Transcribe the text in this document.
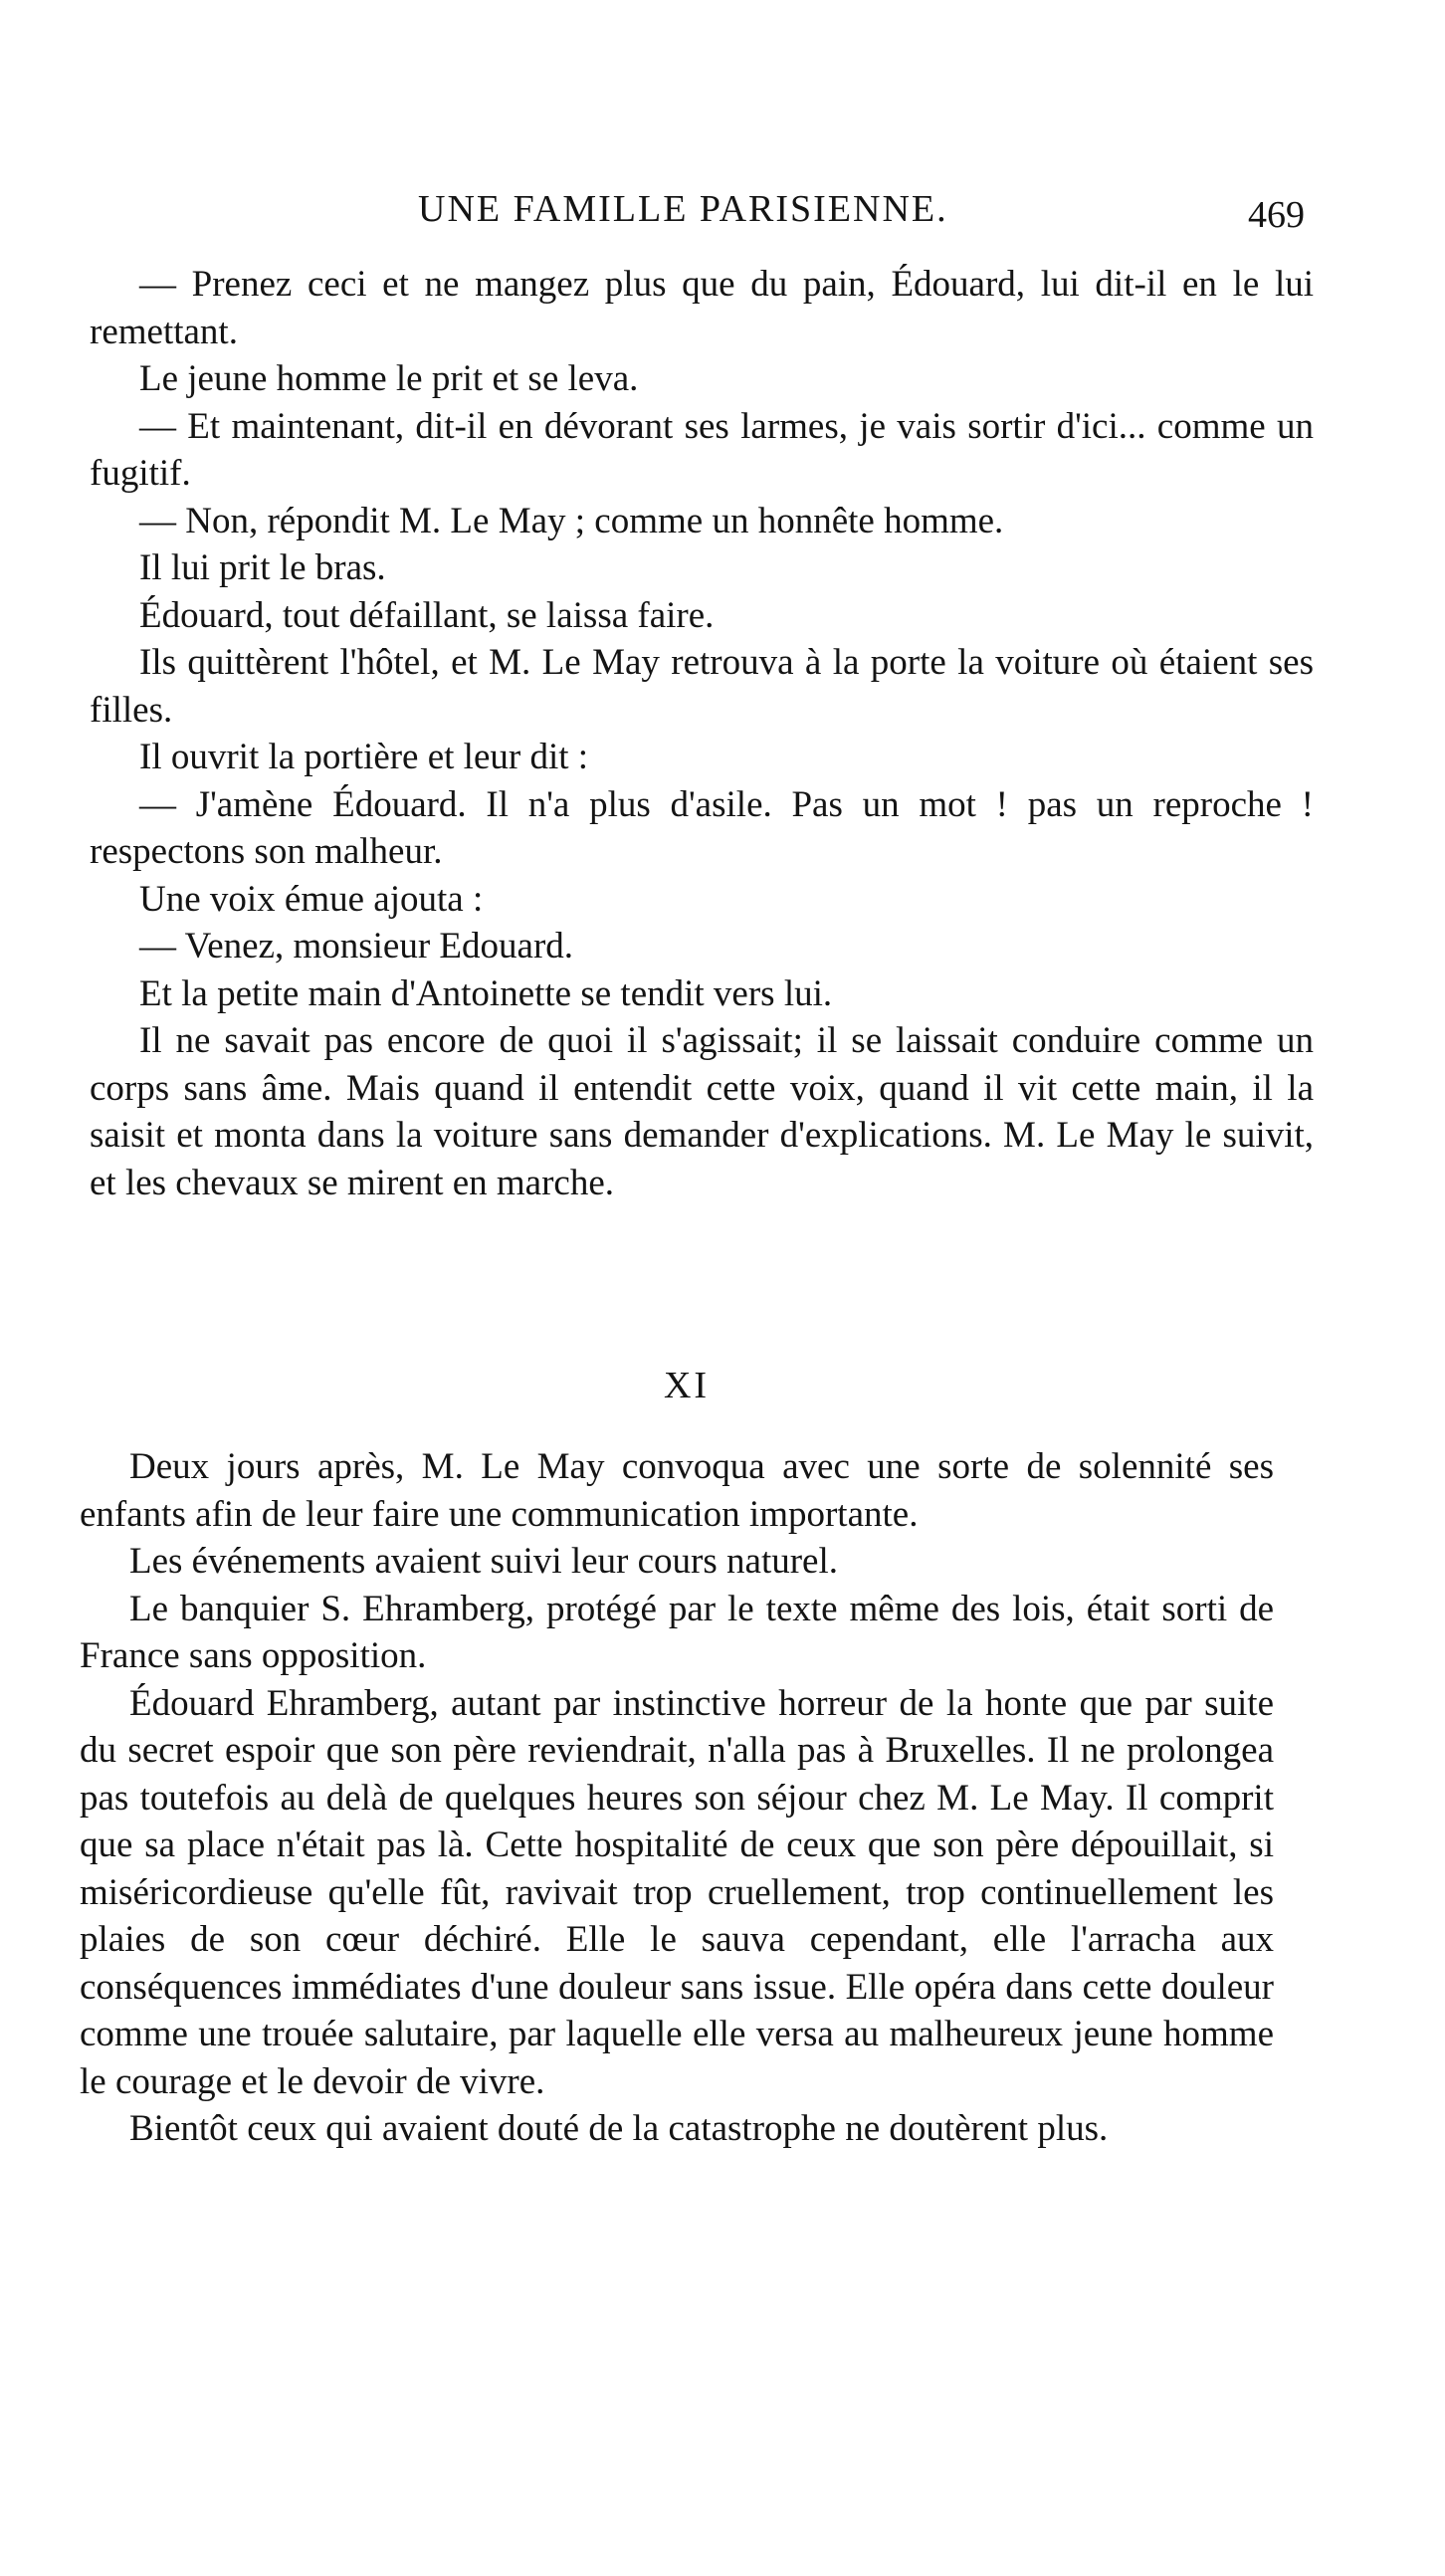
UNE FAMILLE PARISIENNE.	469

— Prenez ceci et ne mangez plus que du pain, Édouard, lui dit-il en le lui remettant.

Le jeune homme le prit et se leva.

— Et maintenant, dit-il en dévorant ses larmes, je vais sortir d'ici... comme un fugitif.

— Non, répondit M. Le May ; comme un honnête homme.

Il lui prit le bras.

Édouard, tout défaillant, se laissa faire.

Ils quittèrent l'hôtel, et M. Le May retrouva à la porte la voiture où étaient ses filles.

Il ouvrit la portière et leur dit :

— J'amène Édouard. Il n'a plus d'asile. Pas un mot ! pas un reproche ! respectons son malheur.

Une voix émue ajouta :

— Venez, monsieur Edouard.

Et la petite main d'Antoinette se tendit vers lui.

Il ne savait pas encore de quoi il s'agissait; il se laissait conduire comme un corps sans âme. Mais quand il entendit cette voix, quand il vit cette main, il la saisit et monta dans la voiture sans demander d'explications. M. Le May le suivit, et les chevaux se mirent en marche.

XI

Deux jours après, M. Le May convoqua avec une sorte de solennité ses enfants afin de leur faire une communication importante.

Les événements avaient suivi leur cours naturel.

Le banquier S. Ehramberg, protégé par le texte même des lois, était sorti de France sans opposition.

Édouard Ehramberg, autant par instinctive horreur de la honte que par suite du secret espoir que son père reviendrait, n'alla pas à Bruxelles. Il ne prolongea pas toutefois au delà de quelques heures son séjour chez M. Le May. Il comprit que sa place n'était pas là. Cette hospitalité de ceux que son père dépouillait, si miséricordieuse qu'elle fût, ravivait trop cruellement, trop continuellement les plaies de son cœur déchiré. Elle le sauva cependant, elle l'arracha aux conséquences immédiates d'une douleur sans issue. Elle opéra dans cette douleur comme une trouée salutaire, par laquelle elle versa au malheureux jeune homme le courage et le devoir de vivre.

Bientôt ceux qui avaient douté de la catastrophe ne doutèrent plus.
